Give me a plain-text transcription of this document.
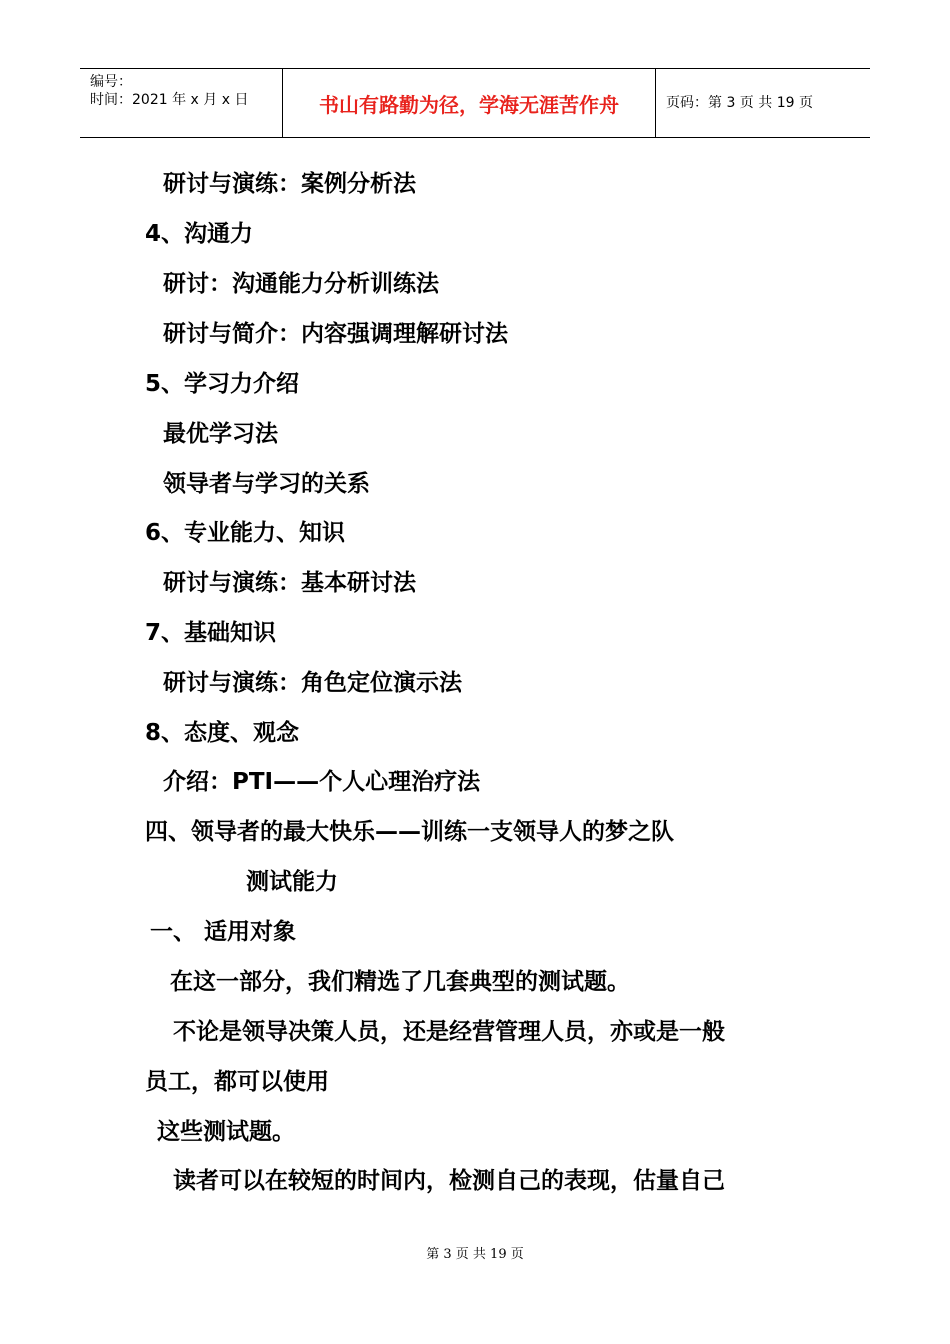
编号：
时间：2021 年 x 月 x 日	书山有路勤为径，学海无涯苦作舟	页码：第 3 页 共 19 页
研讨与演练：案例分析法
4、沟通力
研讨：沟通能力分析训练法
研讨与简介：内容强调理解研讨法
5、学习力介绍
最优学习法
领导者与学习的关系
6、专业能力、知识
研讨与演练：基本研讨法
7、基础知识
研讨与演练：角色定位演示法
8、态度、观念
介绍：PTI——个人心理治疗法
四、领导者的最大快乐——训练一支领导人的梦之队
测试能力
一、 适用对象
在这一部分，我们精选了几套典型的测试题。
不论是领导决策人员，还是经营管理人员，亦或是一般
员工，都可以使用
这些测试题。
读者可以在较短的时间内，检测自己的表现，估量自己
第 3 页 共 19 页
